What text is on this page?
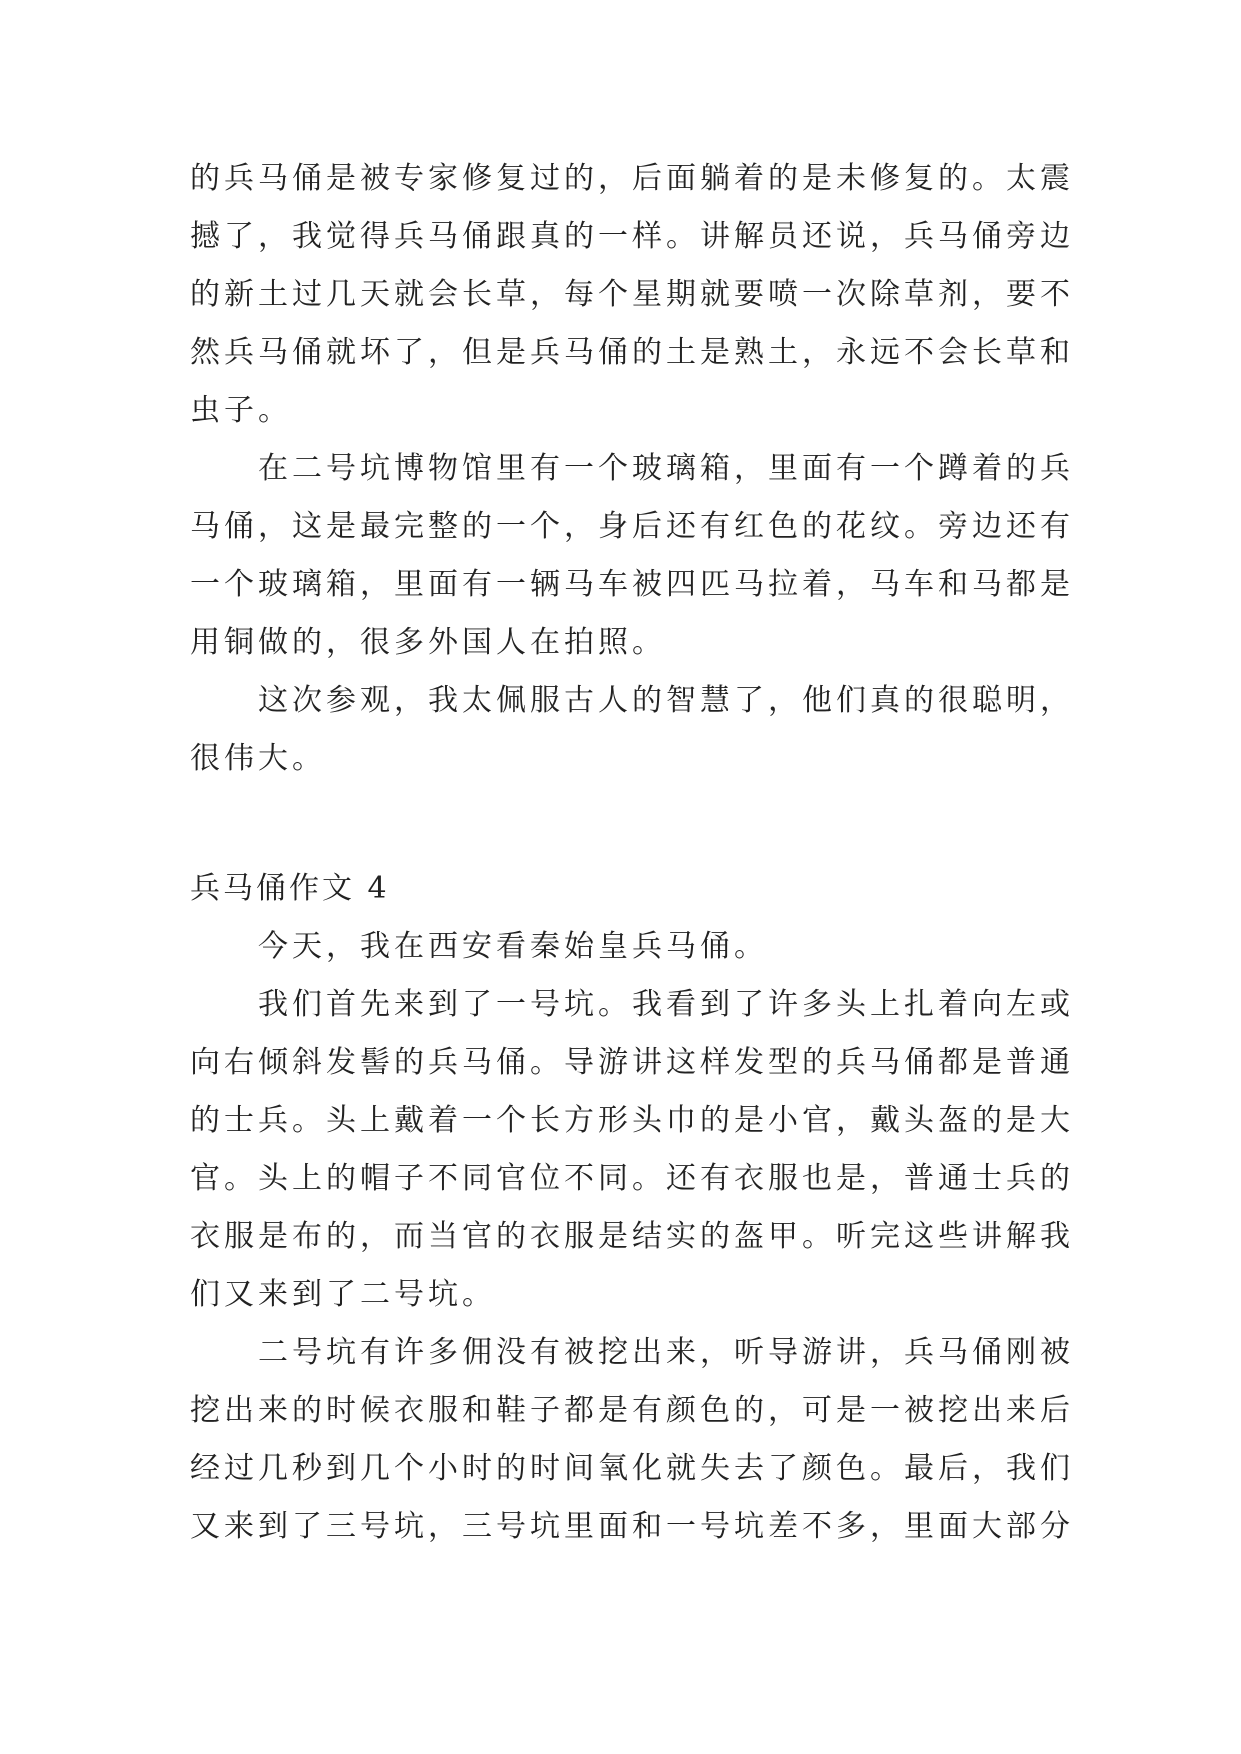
的兵马俑是被专家修复过的，后面躺着的是未修复的。太震
撼了，我觉得兵马俑跟真的一样。讲解员还说，兵马俑旁边
的新土过几天就会长草，每个星期就要喷一次除草剂，要不
然兵马俑就坏了，但是兵马俑的土是熟土，永远不会长草和
虫子。
在二号坑博物馆里有一个玻璃箱，里面有一个蹲着的兵
马俑，这是最完整的一个，身后还有红色的花纹。旁边还有
一个玻璃箱，里面有一辆马车被四匹马拉着，马车和马都是
用铜做的，很多外国人在拍照。
这次参观，我太佩服古人的智慧了，他们真的很聪明，
很伟大。
兵马俑作文 4
今天，我在西安看秦始皇兵马俑。
我们首先来到了一号坑。我看到了许多头上扎着向左或
向右倾斜发髻的兵马俑。导游讲这样发型的兵马俑都是普通
的士兵。头上戴着一个长方形头巾的是小官，戴头盔的是大
官。头上的帽子不同官位不同。还有衣服也是，普通士兵的
衣服是布的，而当官的衣服是结实的盔甲。听完这些讲解我
们又来到了二号坑。
二号坑有许多佣没有被挖出来，听导游讲，兵马俑刚被
挖出来的时候衣服和鞋子都是有颜色的，可是一被挖出来后
经过几秒到几个小时的时间氧化就失去了颜色。最后，我们
又来到了三号坑，三号坑里面和一号坑差不多，里面大部分
